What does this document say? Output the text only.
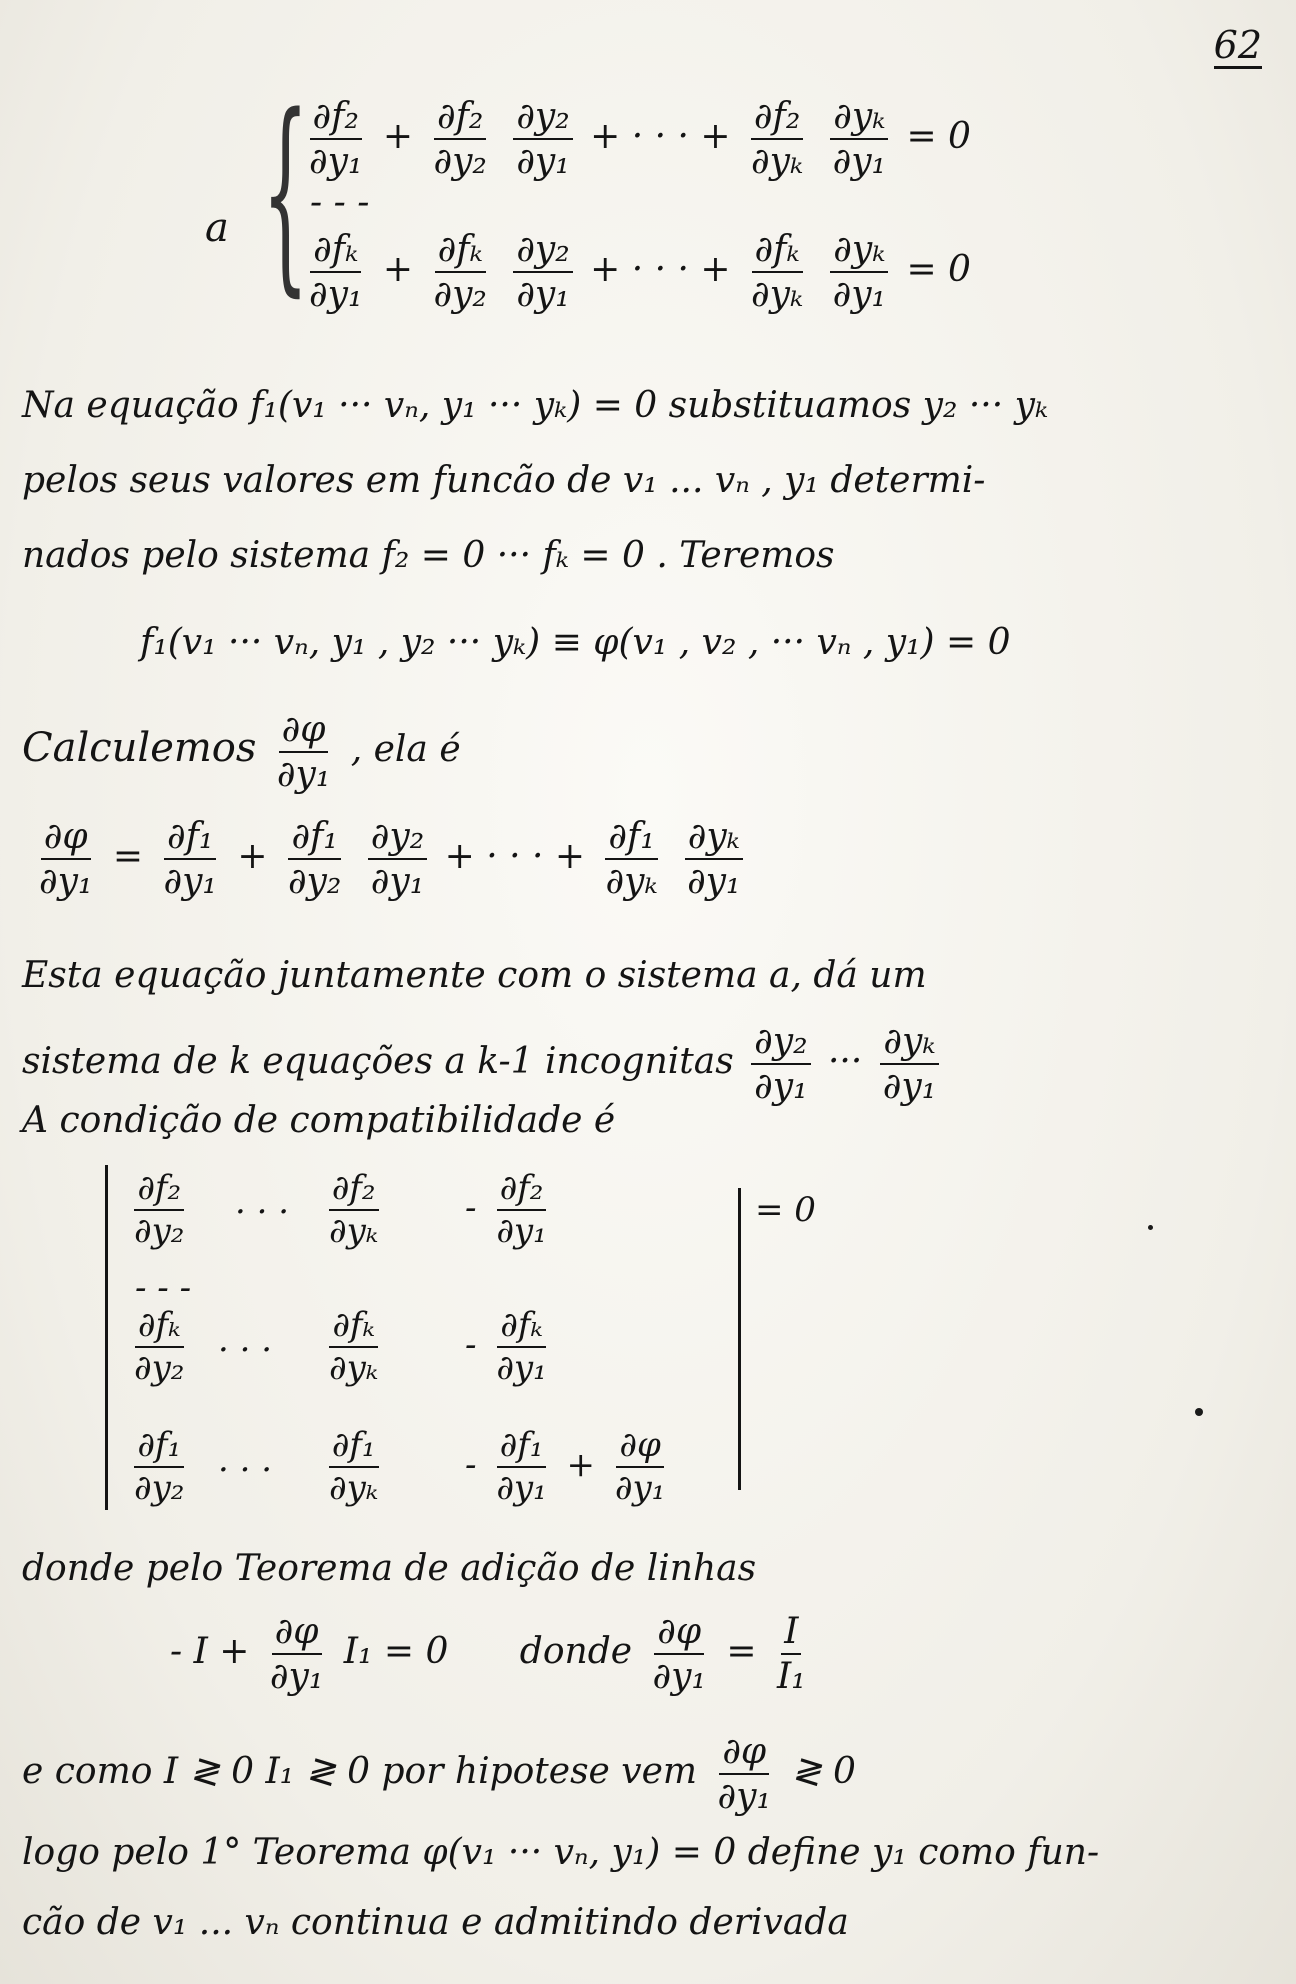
62
a {
$\frac{\text{∂f₂}}{\text{∂y₁}} + \frac{\text{∂f₂}}{\text{∂y₂}}$
$\frac{\text{∂y₂}}{\text{∂y₁}}$ + · · · + $\frac{\text{∂f₂}}{\text{∂yₖ}}$
$\frac{\text{∂yₖ}}{\text{∂y₁}} = 0$
- - -
$\frac{\text{∂fₖ}}{\text{∂y₁}} + \frac{\text{∂fₖ}}{\text{∂y₂}}$
$\frac{\text{∂y₂}}{\text{∂y₁}}$ + · · · + $\frac{\text{∂fₖ}}{\text{∂yₖ}}$
$\frac{\text{∂yₖ}}{\text{∂y₁}} = 0$
Na equação f₁(v₁ ··· vₙ, y₁ ··· yₖ) = 0 substituamos y₂ ··· yₖ
pelos seus valores em funcão de v₁ ... vₙ , y₁ determi-
nados pelo sistema f₂ = 0 ··· fₖ = 0 . Teremos
f₁(v₁ ··· vₙ, y₁ , y₂ ··· yₖ) ≡ φ(v₁ , v₂ , ··· vₙ , y₁) = 0
Calculemos $\frac{\partial\varphi}{\text{∂y₁}}$ , ela é
$\frac{\partial\varphi}{\text{∂y₁}} = \frac{\text{∂f₁}}{\text{∂y₁}} + \frac{\text{∂f₁}}{\text{∂y₂}}$
$\frac{\text{∂y₂}}{\text{∂y₁}}$ + · · · + $\frac{\text{∂f₁}}{\text{∂yₖ}}$
$\frac{\text{∂yₖ}}{\text{∂y₁}}$
Esta equação juntamente com o sistema a, dá um
sistema de k equações a k-1 incognitas $\frac{\text{∂y₂}}{\text{∂y₁}}$ ··· $\frac{\text{∂yₖ}}{\text{∂y₁}}$
A condição de compatibilidade é
= 0
$\frac{\text{∂f₂}}{\text{∂y₂}}$ · · · $\frac{\text{∂f₂}}{\text{∂yₖ}} - \frac{\text{∂f₂}}{\text{∂y₁}}$
- - -
$\frac{\text{∂fₖ}}{\text{∂y₂}}$ · · · $\frac{\text{∂fₖ}}{\text{∂yₖ}} - \frac{\text{∂fₖ}}{\text{∂y₁}}$
$\frac{\text{∂f₁}}{\text{∂y₂}}$ · · · $\frac{\text{∂f₁}}{\text{∂yₖ}} - \frac{\text{∂f₁}}{\text{∂y₁}} + \frac{\partial\varphi}{\text{∂y₁}}$
donde pelo Teorema de adição de linhas
- $I + \frac{\partial\varphi}{\text{∂y₁}} I_1 = 0$ donde $\frac{\partial\varphi}{\text{∂y₁}} = \frac{I}{\text{I₁}}$
e como I ≷ 0 I₁ ≷ 0 por hipotese vem $\frac{\partial\varphi}{\text{∂y₁}}$ ≷ 0
logo pelo 1° Teorema φ(v₁ ··· vₙ, y₁) = 0 define y₁ como fun-
cão de v₁ ... vₙ continua e admitindo derivada
